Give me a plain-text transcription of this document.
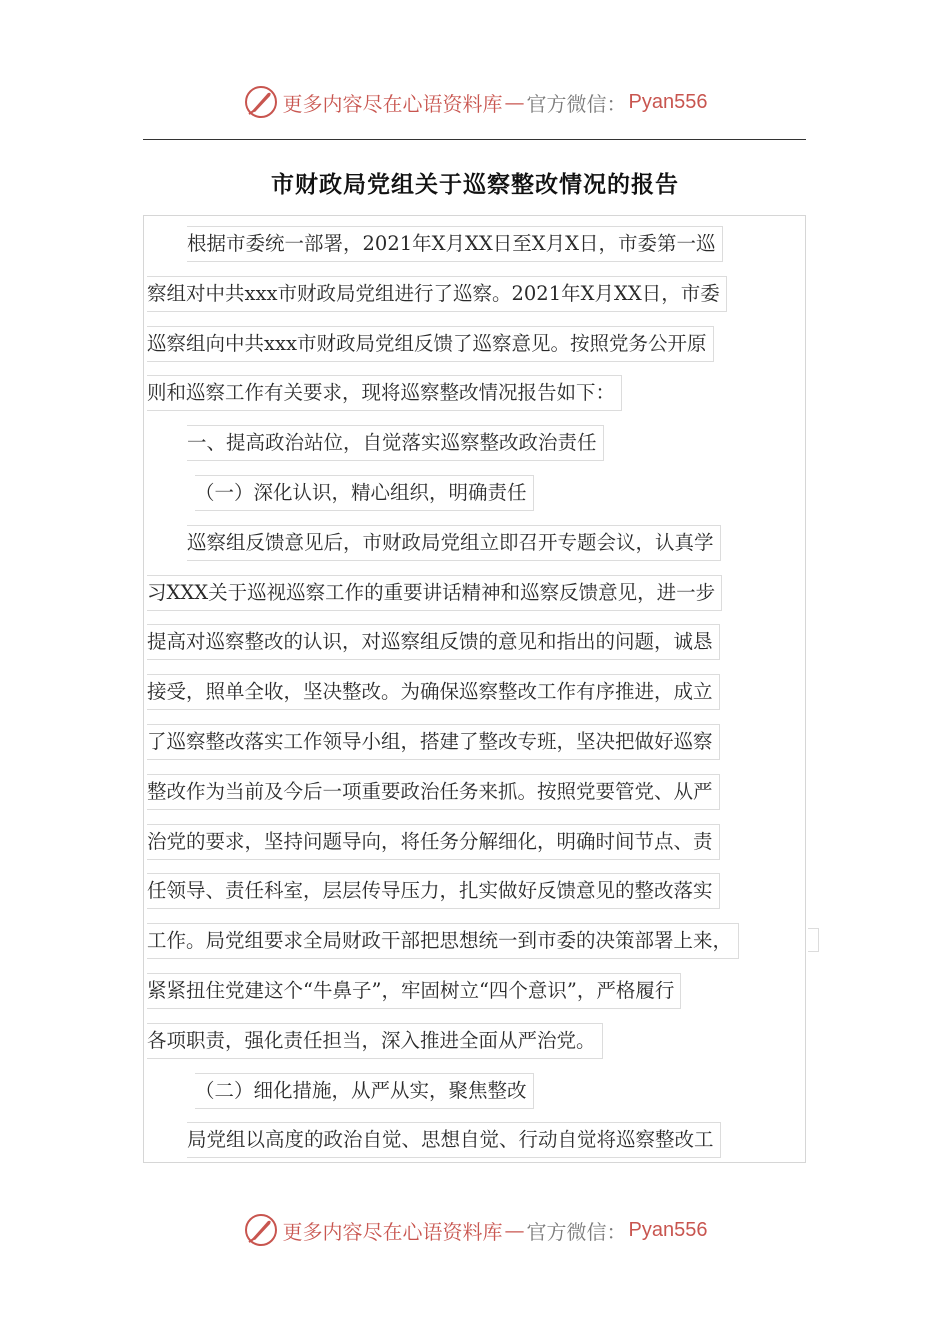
更多内容尽在心语资料库 — 官方微信： Pyan556
市财政局党组关于巡察整改情况的报告
根据市委统一部署，2021年X月XX日至X月X日，市委第一巡
察组对中共xxx市财政局党组进行了巡察。2021年X月XX日，市委
巡察组向中共xxx市财政局党组反馈了巡察意见。按照党务公开原
则和巡察工作有关要求，现将巡察整改情况报告如下：
一、提高政治站位，自觉落实巡察整改政治责任
（一）深化认识，精心组织，明确责任
巡察组反馈意见后，市财政局党组立即召开专题会议，认真学
习XXX关于巡视巡察工作的重要讲话精神和巡察反馈意见，进一步
提高对巡察整改的认识，对巡察组反馈的意见和指出的问题，诚恳
接受，照单全收，坚决整改。为确保巡察整改工作有序推进，成立
了巡察整改落实工作领导小组，搭建了整改专班，坚决把做好巡察
整改作为当前及今后一项重要政治任务来抓。按照党要管党、从严
治党的要求，坚持问题导向，将任务分解细化，明确时间节点、责
任领导、责任科室，层层传导压力，扎实做好反馈意见的整改落实
工作。局党组要求全局财政干部把思想统一到市委的决策部署上来，
紧紧扭住党建这个“牛鼻子”，牢固树立“四个意识”，严格履行
各项职责，强化责任担当，深入推进全面从严治党。
（二）细化措施，从严从实，聚焦整改
局党组以高度的政治自觉、思想自觉、行动自觉将巡察整改工
更多内容尽在心语资料库 — 官方微信： Pyan556
